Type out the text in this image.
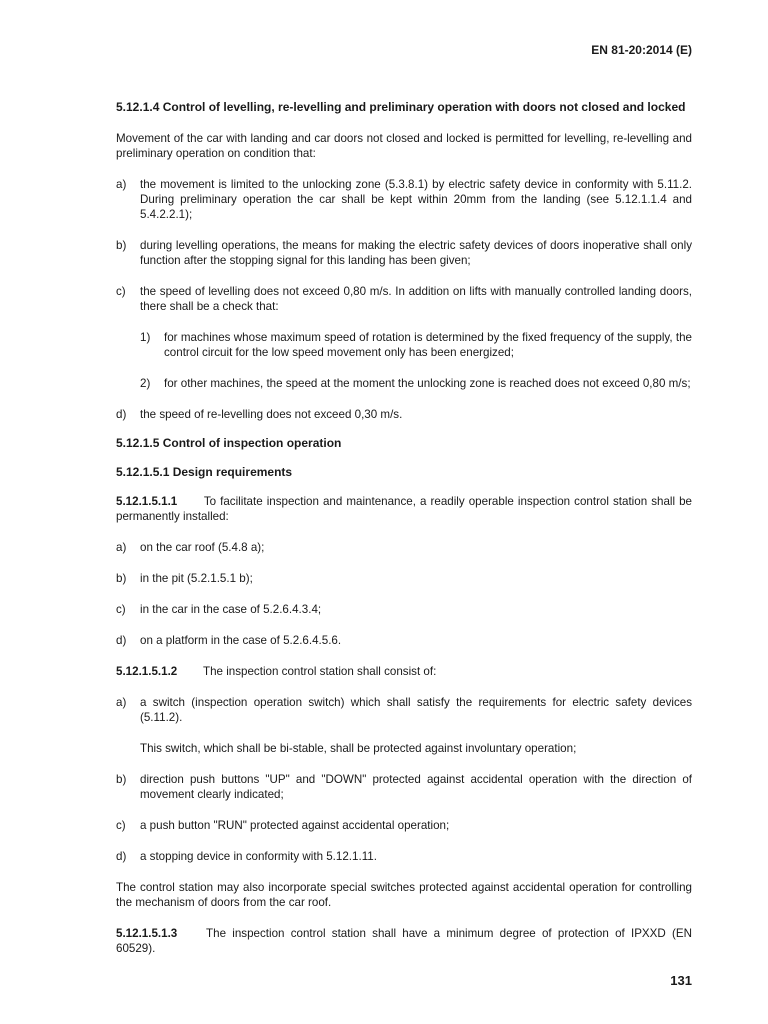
EN 81-20:2014 (E)
5.12.1.4 Control of levelling, re-levelling and preliminary operation with doors not closed and locked

Movement of the car with landing and car doors not closed and locked is permitted for levelling, re-levelling and preliminary operation on condition that:

a) the movement is limited to the unlocking zone (5.3.8.1) by electric safety device in conformity with 5.11.2. During preliminary operation the car shall be kept within 20mm from the landing (see 5.12.1.1.4 and 5.4.2.2.1);
b) during levelling operations, the means for making the electric safety devices of doors inoperative shall only function after the stopping signal for this landing has been given;
c) the speed of levelling does not exceed 0,80 m/s. In addition on lifts with manually controlled landing doors, there shall be a check that:
1) for machines whose maximum speed of rotation is determined by the fixed frequency of the supply, the control circuit for the low speed movement only has been energized;
2) for other machines, the speed at the moment the unlocking zone is reached does not exceed 0,80 m/s;
d) the speed of re-levelling does not exceed 0,30 m/s.
5.12.1.5 Control of inspection operation
5.12.1.5.1 Design requirements

5.12.1.5.1.1 To facilitate inspection and maintenance, a readily operable inspection control station shall be permanently installed:

a) on the car roof (5.4.8 a);
b) in the pit (5.2.1.5.1 b);
c) in the car in the case of 5.2.6.4.3.4;
d) on a platform in the case of 5.2.6.4.5.6.

5.12.1.5.1.2 The inspection control station shall consist of:

a) a switch (inspection operation switch) which shall satisfy the requirements for electric safety devices (5.11.2).

This switch, which shall be bi-stable, shall be protected against involuntary operation;

b) direction push buttons "UP" and "DOWN" protected against accidental operation with the direction of movement clearly indicated;
c) a push button "RUN" protected against accidental operation;
d) a stopping device in conformity with 5.12.1.11.

The control station may also incorporate special switches protected against accidental operation for controlling the mechanism of doors from the car roof.

5.12.1.5.1.3 The inspection control station shall have a minimum degree of protection of IPXXD (EN 60529).

131
